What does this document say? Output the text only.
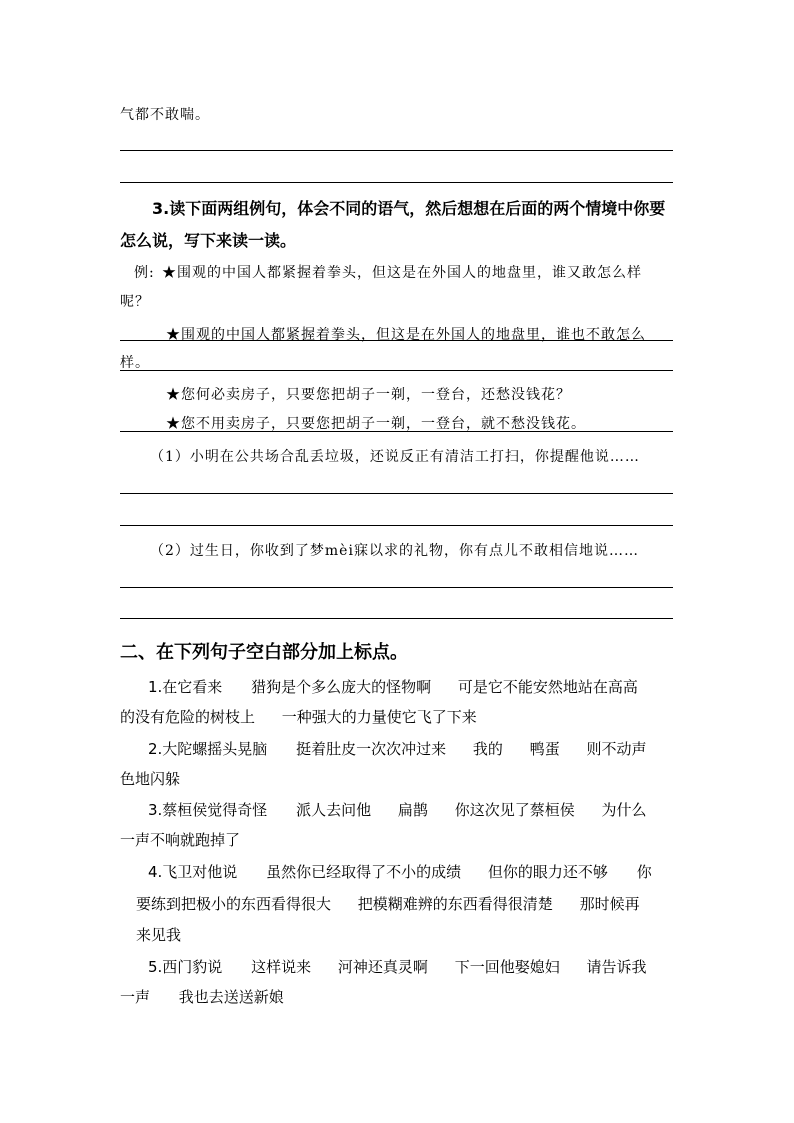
气都不敢喘。
3.读下面两组例句，体会不同的语气，然后想想在后面的两个情境中你要
怎么说，写下来读一读。
例: ★围观的中国人都紧握着拳头，但这是在外国人的地盘里，谁又敢怎么样
呢？
★围观的中国人都紧握着拳头，但这是在外国人的地盘里，谁也不敢怎么
样。
★您何必卖房子，只要您把胡子一剃，一登台，还愁没钱花？
★您不用卖房子，只要您把胡子一剃，一登台，就不愁没钱花。
（1）小明在公共场合乱丢垃圾，还说反正有清洁工打扫，你提醒他说……
（2）过生日，你收到了梦mèi寐以求的礼物，你有点儿不敢相信地说……
二、在下列句子空白部分加上标点。
1.在它看来 猎狗是个多么庞大的怪物啊 可是它不能安然地站在高高
的没有危险的树枝上 一种强大的力量使它飞了下来
2.大陀螺摇头晃脑 挺着肚皮一次次冲过来 我的 鸭蛋 则不动声
色地闪躲
3.蔡桓侯觉得奇怪 派人去问他 扁鹊 你这次见了蔡桓侯 为什么
一声不响就跑掉了
4.飞卫对他说 虽然你已经取得了不小的成绩 但你的眼力还不够 你
要练到把极小的东西看得很大 把模糊难辨的东西看得很清楚 那时候再
来见我
5.西门豹说 这样说来 河神还真灵啊 下一回他娶媳妇 请告诉我
一声 我也去送送新娘
